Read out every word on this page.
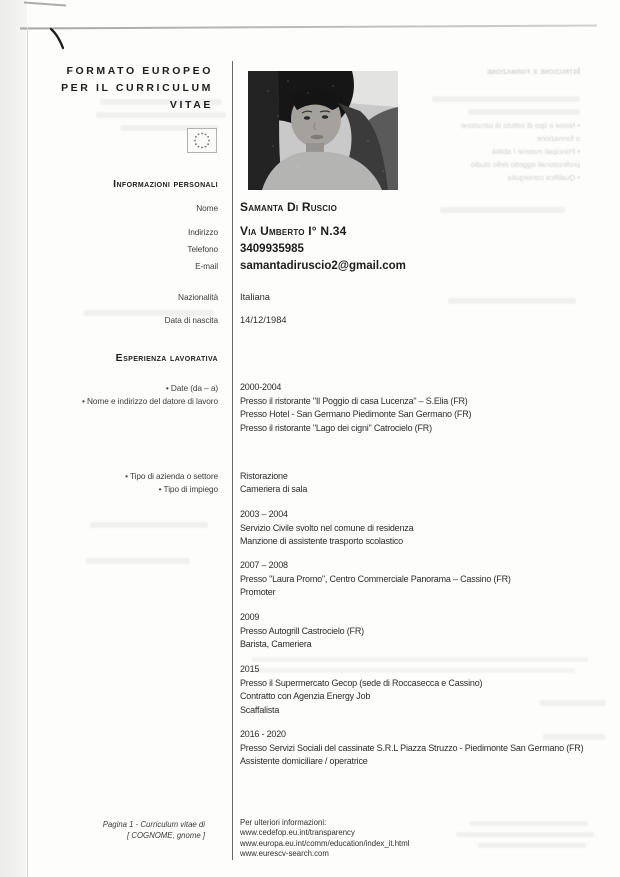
Istruzione e formazione
• Nome e tipo di istituto di istruzione
o formazione
• Principali materie / abilità
professionali oggetto dello studio
• Qualifica conseguita
FORMATO EUROPEO
PER IL CURRICULUM
VITAE
Informazioni personali
Nome Samanta Di Ruscio
Indirizzo Via Umberto I° N.34
Telefono 3409935985
E-mail samantadiruscio2@gmail.com
Nazionalità Italiana
Data di nascita 14/12/1984
Esperienza lavorativa
• Date (da – a)
• Nome e indirizzo del datore di lavoro
2000-2004
Presso il ristorante "Il Poggio di casa Lucenza" – S.Elia (FR)
Presso Hotel - San Germano Piedimonte San Germano (FR)
Presso il ristorante "Lago dei cigni" Catrocielo (FR)
• Tipo di azienda o settore
• Tipo di impiego
Ristorazione
Cameriera di sala
2003 – 2004
Servizio Civile svolto nel comune di residenza
Manzione di assistente trasporto scolastico
2007 – 2008
Presso "Laura Promo", Centro Commerciale Panorama – Cassino (FR)
Promoter
2009
Presso Autogrill Castrocielo (FR)
Barista, Cameriera
2015
Presso il Supermercato Gecop (sede di Roccasecca e Cassino)
Contratto con Agenzia Energy Job
Scaffalista
2016 - 2020
Presso Servizi Sociali del cassinate S.R.L Piazza Struzzo - Piedimonte San Germano (FR)
Assistente domiciliare / operatrice
Pagina 1 - Curriculum vitae di
[ COGNOME, gnome ]
Per ulteriori informazioni:
www.cedefop.eu.int/transparency
www.europa.eu.int/comm/education/index_it.html
www.eurescv-search.com
